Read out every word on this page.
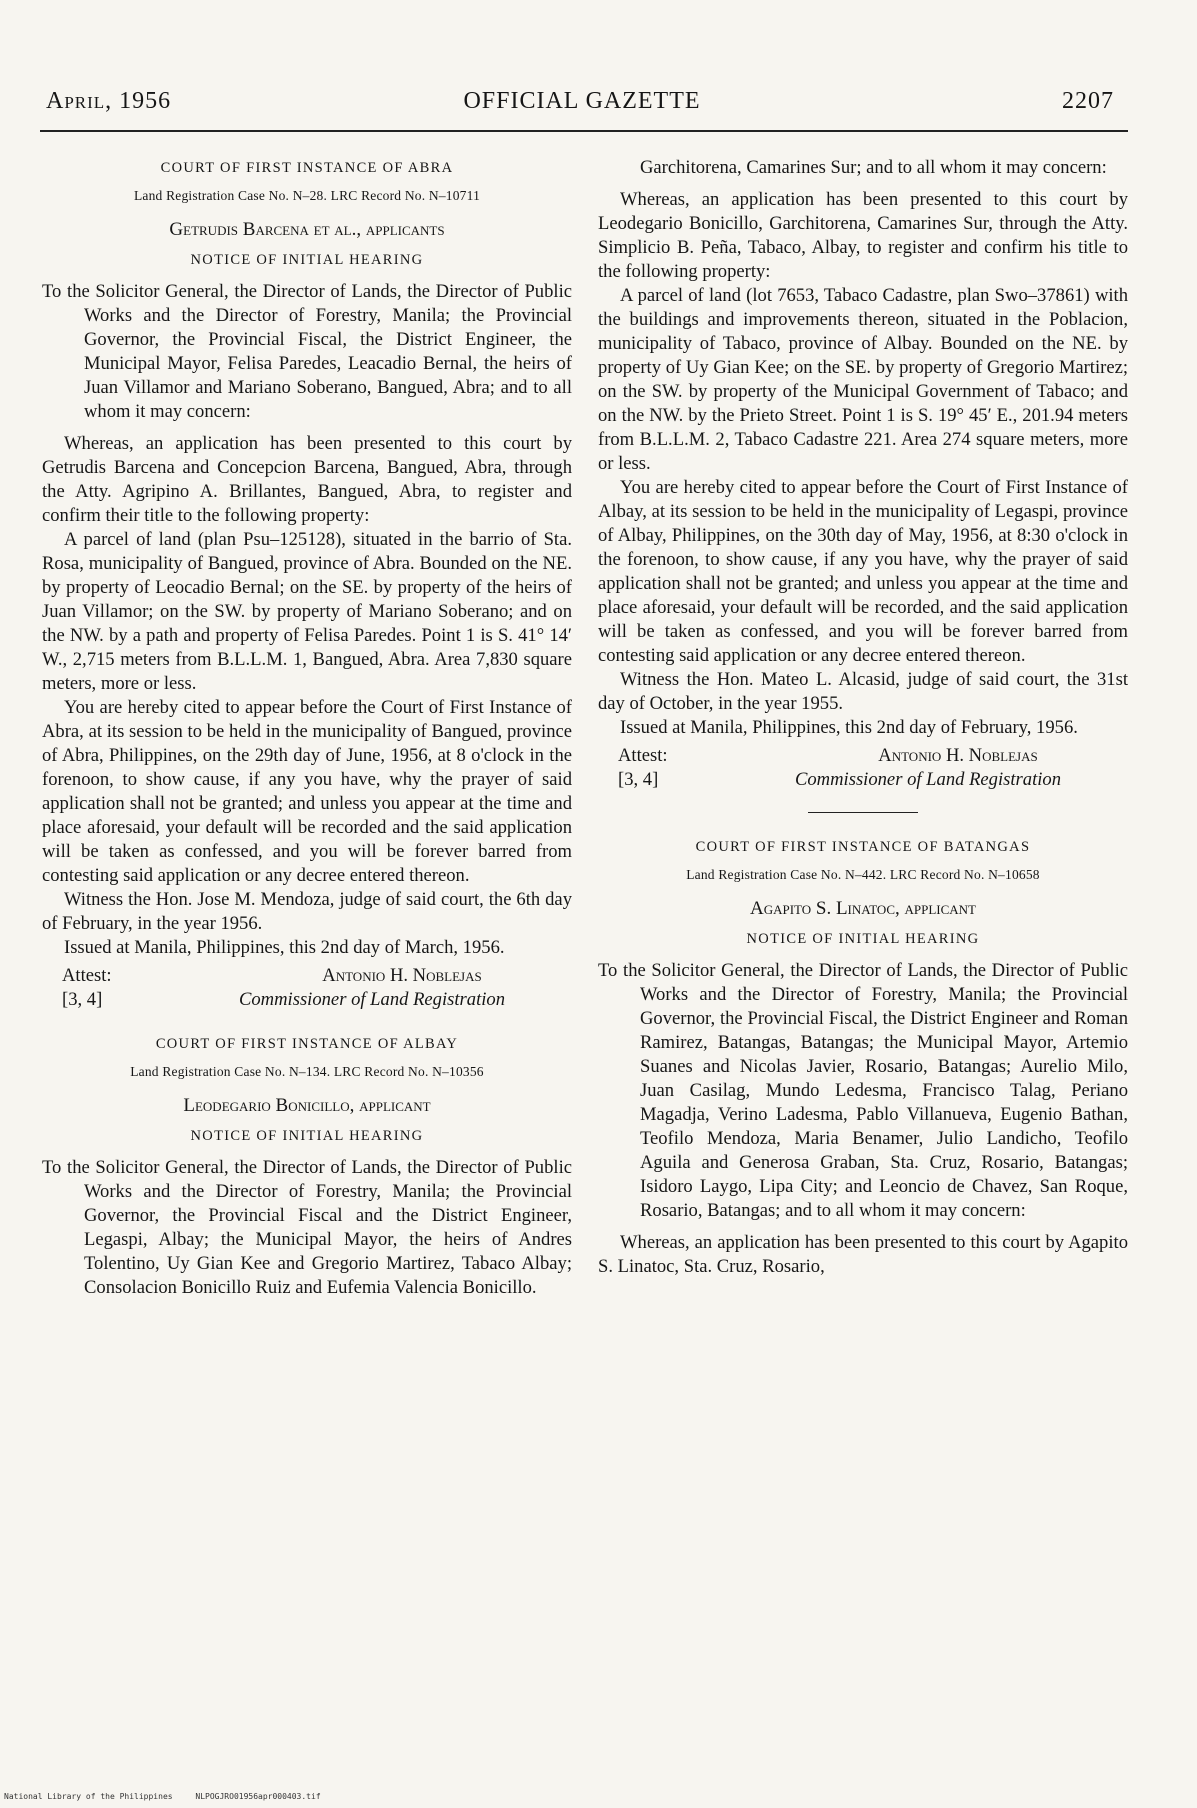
April, 1956	OFFICIAL GAZETTE	2207
COURT OF FIRST INSTANCE OF ABRA
Land Registration Case No. N–28. LRC Record No. N–10711
Getrudis Barcena et al., applicants
NOTICE OF INITIAL HEARING

To the Solicitor General, the Director of Lands, the Director of Public Works and the Director of Forestry, Manila; the Provincial Governor, the Provincial Fiscal, the District Engineer, the Municipal Mayor, Felisa Paredes, Leacadio Bernal, the heirs of Juan Villamor and Mariano Soberano, Bangued, Abra; and to all whom it may concern:

Whereas, an application has been presented to this court by Getrudis Barcena and Concepcion Barcena, Bangued, Abra, through the Atty. Agripino A. Brillantes, Bangued, Abra, to register and confirm their title to the following property:

A parcel of land (plan Psu–125128), situated in the barrio of Sta. Rosa, municipality of Bangued, province of Abra. Bounded on the NE. by property of Leocadio Bernal; on the SE. by property of the heirs of Juan Villamor; on the SW. by property of Mariano Soberano; and on the NW. by a path and property of Felisa Paredes. Point 1 is S. 41° 14′ W., 2,715 meters from B.L.L.M. 1, Bangued, Abra. Area 7,830 square meters, more or less.

You are hereby cited to appear before the Court of First Instance of Abra, at its session to be held in the municipality of Bangued, province of Abra, Philippines, on the 29th day of June, 1956, at 8 o'clock in the forenoon, to show cause, if any you have, why the prayer of said application shall not be granted; and unless you appear at the time and place aforesaid, your default will be recorded and the said application will be taken as confessed, and you will be forever barred from contesting said application or any decree entered thereon.

Witness the Hon. Jose M. Mendoza, judge of said court, the 6th day of February, in the year 1956.

Issued at Manila, Philippines, this 2nd day of March, 1956.

Attest:
[3, 4]
Antonio H. Noblejas
Commissioner of Land Registration
COURT OF FIRST INSTANCE OF ALBAY
Land Registration Case No. N–134. LRC Record No. N–10356
Leodegario Bonicillo, applicant
NOTICE OF INITIAL HEARING

To the Solicitor General, the Director of Lands, the Director of Public Works and the Director of Forestry, Manila; the Provincial Governor, the Provincial Fiscal and the District Engineer, Legaspi, Albay; the Municipal Mayor, the heirs of Andres Tolentino, Uy Gian Kee and Gregorio Martirez, Tabaco Albay; Consolacion Bonicillo Ruiz and Eufemia Valencia Bonicillo.

Garchitorena, Camarines Sur; and to all whom it may concern:

Whereas, an application has been presented to this court by Leodegario Bonicillo, Garchitorena, Camarines Sur, through the Atty. Simplicio B. Peña, Tabaco, Albay, to register and confirm his title to the following property:

A parcel of land (lot 7653, Tabaco Cadastre, plan Swo–37861) with the buildings and improvements thereon, situated in the Poblacion, municipality of Tabaco, province of Albay. Bounded on the NE. by property of Uy Gian Kee; on the SE. by property of Gregorio Martirez; on the SW. by property of the Municipal Government of Tabaco; and on the NW. by the Prieto Street. Point 1 is S. 19° 45′ E., 201.94 meters from B.L.L.M. 2, Tabaco Cadastre 221. Area 274 square meters, more or less.

You are hereby cited to appear before the Court of First Instance of Albay, at its session to be held in the municipality of Legaspi, province of Albay, Philippines, on the 30th day of May, 1956, at 8:30 o'clock in the forenoon, to show cause, if any you have, why the prayer of said application shall not be granted; and unless you appear at the time and place aforesaid, your default will be recorded, and the said application will be taken as confessed, and you will be forever barred from contesting said application or any decree entered thereon.

Witness the Hon. Mateo L. Alcasid, judge of said court, the 31st day of October, in the year 1955.

Issued at Manila, Philippines, this 2nd day of February, 1956.

Attest:
[3, 4]
Antonio H. Noblejas
Commissioner of Land Registration
COURT OF FIRST INSTANCE OF BATANGAS
Land Registration Case No. N–442. LRC Record No. N–10658
Agapito S. Linatoc, applicant
NOTICE OF INITIAL HEARING

To the Solicitor General, the Director of Lands, the Director of Public Works and the Director of Forestry, Manila; the Provincial Governor, the Provincial Fiscal, the District Engineer and Roman Ramirez, Batangas, Batangas; the Municipal Mayor, Artemio Suanes and Nicolas Javier, Rosario, Batangas; Aurelio Milo, Juan Casilag, Mundo Ledesma, Francisco Talag, Periano Magadja, Verino Ladesma, Pablo Villanueva, Eugenio Bathan, Teofilo Mendoza, Maria Benamer, Julio Landicho, Teofilo Aguila and Generosa Graban, Sta. Cruz, Rosario, Batangas; Isidoro Laygo, Lipa City; and Leoncio de Chavez, San Roque, Rosario, Batangas; and to all whom it may concern:

Whereas, an application has been presented to this court by Agapito S. Linatoc, Sta. Cruz, Rosario,

National Library of the Philippines	NLPOGJRO01956apr000403.tif
